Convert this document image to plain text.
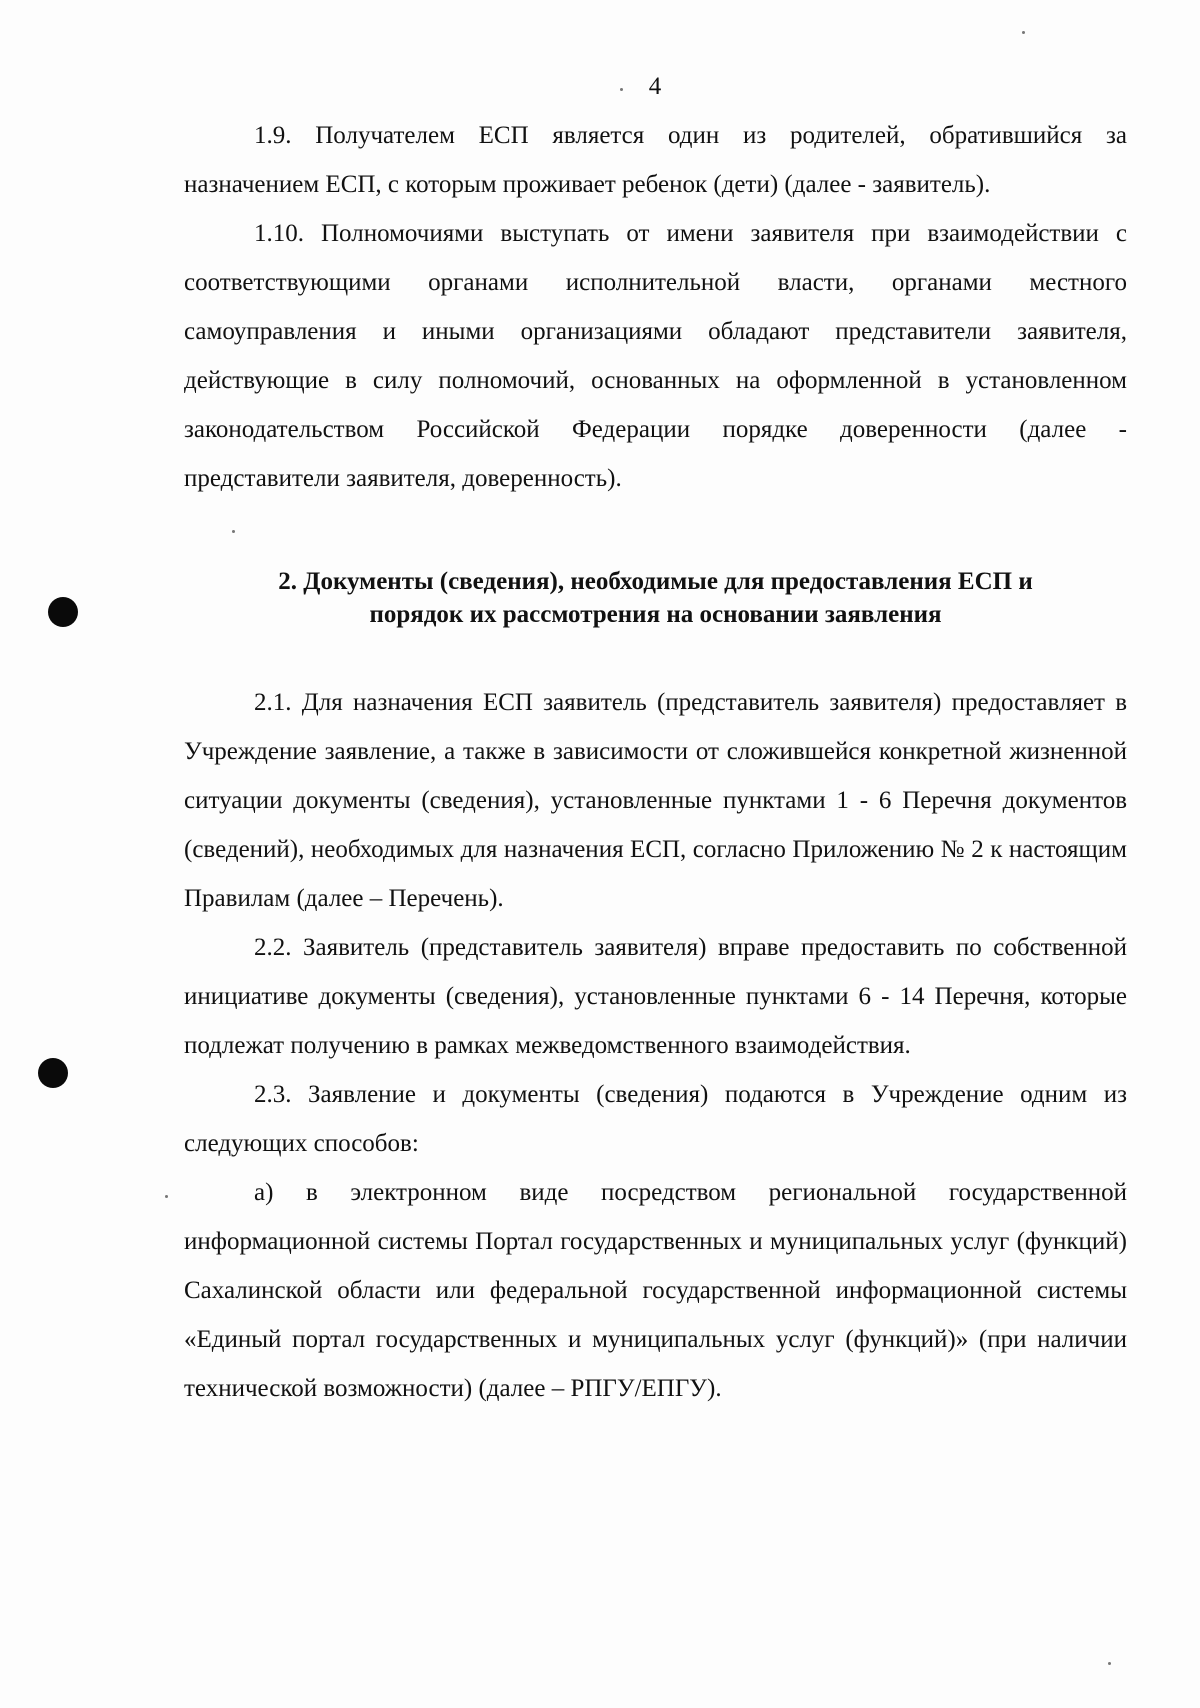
4

1.9. Получателем ЕСП является один из родителей, обратившийся за назначением ЕСП, с которым проживает ребенок (дети) (далее - заявитель).

1.10. Полномочиями выступать от имени заявителя при взаимодействии с соответствующими органами исполнительной власти, органами местного самоуправления и иными организациями обладают представители заявителя, действующие в силу полномочий, основанных на оформленной в установленном законодательством Российской Федерации порядке доверенности (далее - представители заявителя, доверенность).

2. Документы (сведения), необходимые для предоставления ЕСП и
порядок их рассмотрения на основании заявления

2.1. Для назначения ЕСП заявитель (представитель заявителя) предоставляет в Учреждение заявление, а также в зависимости от сложившейся конкретной жизненной ситуации документы (сведения), установленные пунктами 1 - 6 Перечня документов (сведений), необходимых для назначения ЕСП, согласно Приложению № 2 к настоящим Правилам (далее – Перечень).

2.2. Заявитель (представитель заявителя) вправе предоставить по собственной инициативе документы (сведения), установленные пунктами 6 - 14 Перечня, которые подлежат получению в рамках межведомственного взаимодействия.

2.3. Заявление и документы (сведения) подаются в Учреждение одним из следующих способов:

а) в электронном виде посредством региональной государственной информационной системы Портал государственных и муниципальных услуг (функций) Сахалинской области или федеральной государственной информационной системы «Единый портал государственных и муниципальных услуг (функций)» (при наличии технической возможности) (далее – РПГУ/ЕПГУ).
